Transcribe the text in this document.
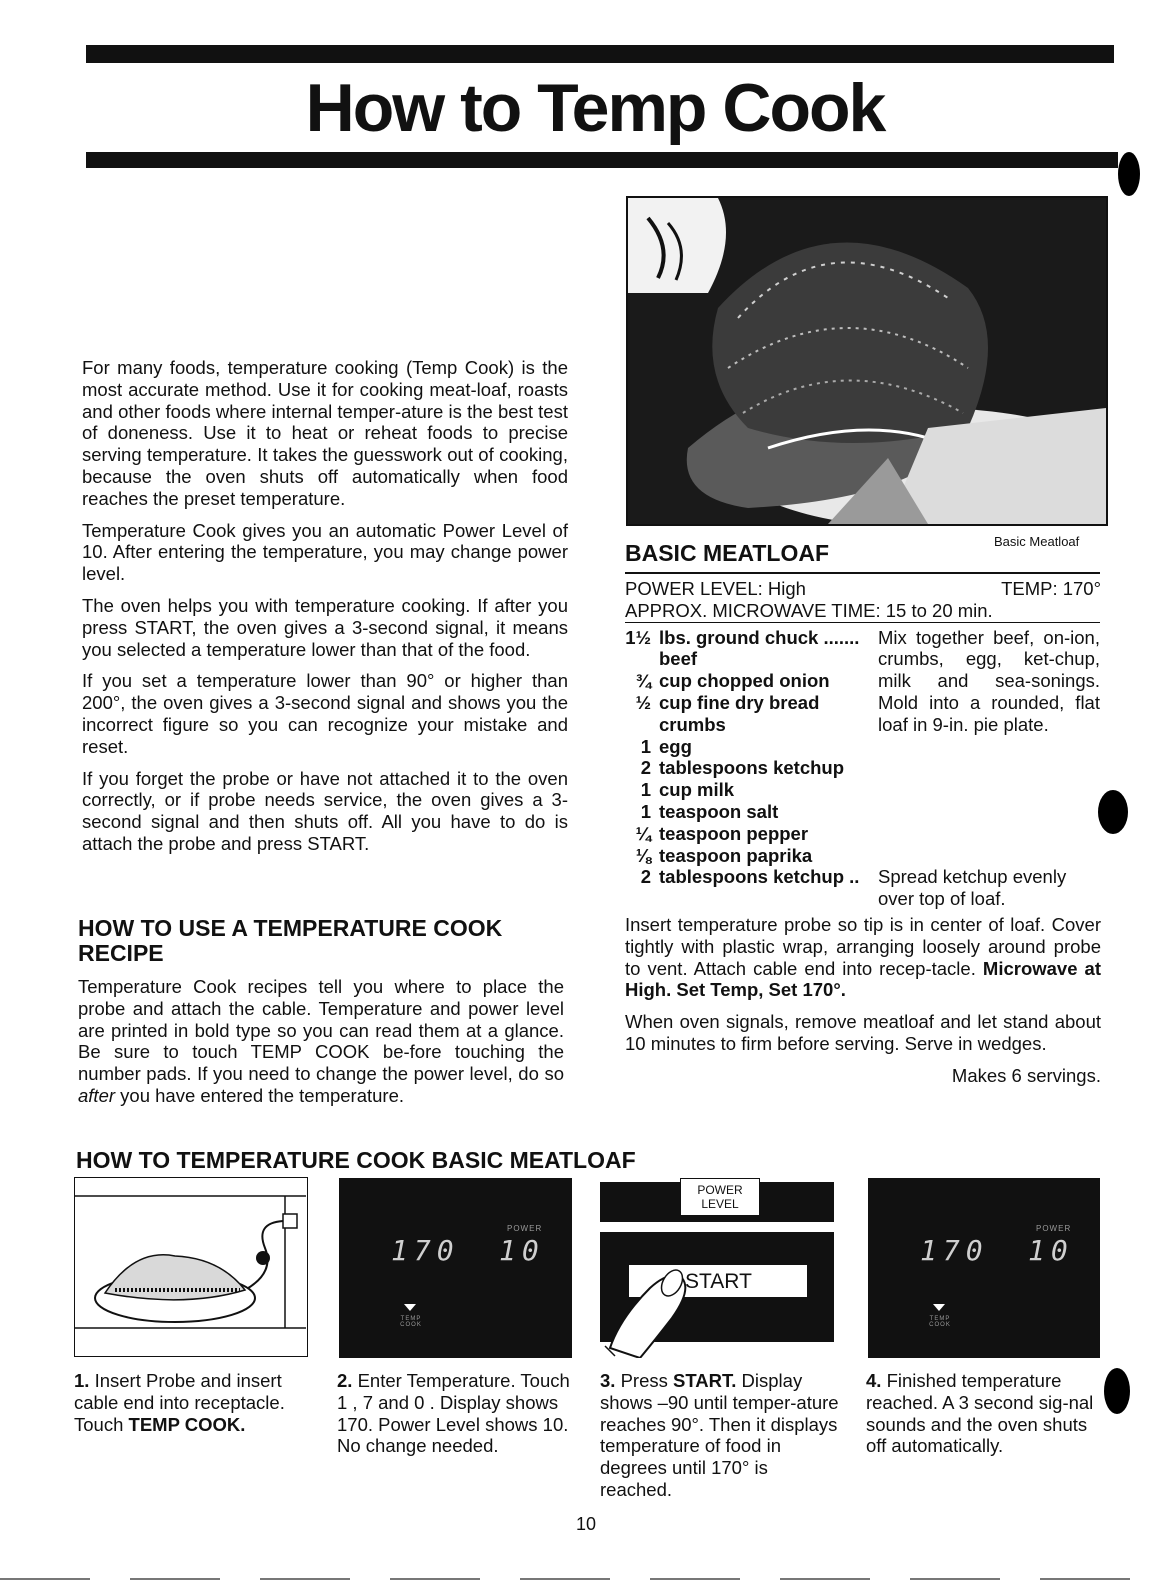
How to Temp Cook

For many foods, temperature cooking (Temp Cook) is the most accurate method. Use it for cooking meat-loaf, roasts and other foods where internal temper-ature is the best test of doneness. Use it to heat or reheat foods to precise serving temperature. It takes the guesswork out of cooking, because the oven shuts off automatically when food reaches the preset temperature.

Temperature Cook gives you an automatic Power Level of 10. After entering the temperature, you may change power level.

The oven helps you with temperature cooking. If after you press START, the oven gives a 3-second signal, it means you selected a temperature lower than that of the food.

If you set a temperature lower than 90° or higher than 200°, the oven gives a 3-second signal and shows you the incorrect figure so you can recognize your mistake and reset.

If you forget the probe or have not attached it to the oven correctly, or if probe needs service, the oven gives a 3-second signal and then shuts off. All you have to do is attach the probe and press START.

HOW TO USE A TEMPERATURE COOK RECIPE
Temperature Cook recipes tell you where to place the probe and attach the cable. Temperature and power level are printed in bold type so you can read them at a glance. Be sure to touch TEMP COOK be-fore touching the number pads. If you need to change the power level, do so after you have entered the temperature.
Basic Meatloaf
BASIC MEATLOAF
POWER LEVEL: High	TEMP: 170°
APPROX. MICROWAVE TIME: 15 to 20 min.
1½ lbs. ground chuck ....... beef
¾ cup chopped onion
½ cup fine dry bread crumbs
1 egg
2 tablespoons ketchup
1 cup milk
1 teaspoon salt
¼ teaspoon pepper
⅛ teaspoon paprika
Mix together beef, on-ion, crumbs, egg, ket-chup, milk and sea-sonings. Mold into a rounded, flat loaf in 9-in. pie plate.
2 tablespoons ketchup ..	Spread ketchup evenly over top of loaf.
Insert temperature probe so tip is in center of loaf. Cover tightly with plastic wrap, arranging loosely around probe to vent. Attach cable end into recep-tacle. Microwave at High. Set Temp, Set 170°.
When oven signals, remove meatloaf and let stand about 10 minutes to firm before serving. Serve in wedges.
Makes 6 servings.
HOW TO TEMPERATURE COOK BASIC MEATLOAF
POWER
170 10
TEMP COOK
POWER LEVEL
START
POWER
170 10
TEMP COOK
1. Insert Probe and insert cable end into receptacle. Touch TEMP COOK.
2. Enter Temperature. Touch 1 , 7 and 0 . Display shows 170. Power Level shows 10. No change needed.
3. Press START. Display shows –90 until temper-ature reaches 90°. Then it displays temperature of food in degrees until 170° is reached.
4. Finished temperature reached. A 3 second sig-nal sounds and the oven shuts off automatically.
10
